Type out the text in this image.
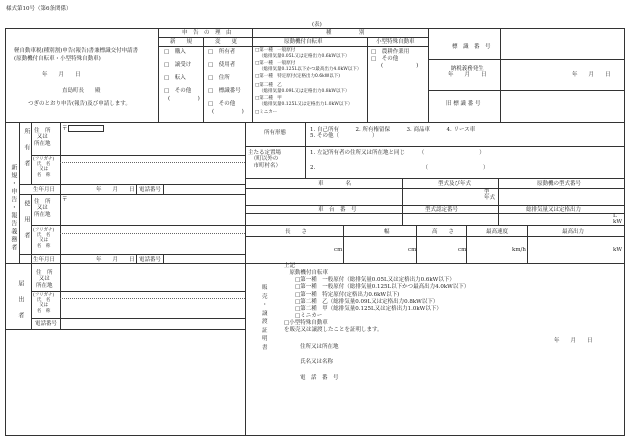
様式第10号（第6条関係）
(表)
軽自動車税(種別割)申告(報告)書兼標識交付申請書
(原動機付自転車・小型特殊自動車)
年　　月　　日
直島町長　　殿
つぎのとおり申告(報告)及び申請します。
申　告　の　理　由
新　　規	変　　更
□　購入
□　譲受け
□　転入
□　その他
(　　　　　)
□　所有者
□　使用者
□　住所
□　標識番号
□　その他
(　　　　　)
種　　　　　別
原動機付自転車	小型特殊自動車
□第一種　一般原付
（総排気量0.05L又は定格出力0.6kW以下）
□第一種　一般原付
（総排気量0.125L以下かつ最高出力4.0kW以下）
□第一種　特定原付(定格出力0.6kW以下)
□第二種　乙
（総排気量0.09L又は定格出力0.8kW以下）
□第二種　甲
（総排気量0.125L又は定格出力1.0kW以下）
□ミニカー
□　農耕作業用
□　その他
(　　　　　　)
標　識　番　号
納税義務発生
年　　月　　日	年　　月　　日
旧 標 識 番 号
新規・申告・報告義務者
所　有　者 住　所
又は
所在地
〒
(フリガナ)
氏　名
又は
名　称
生年月日	年　　月　　日 電話番号
使　用　者 住　所
又は
所在地
〒
(フリガナ)
氏　名
又は
名　称
生年月日	年　　月　　日 電話番号
所有形態	1. 自己所有　　　2. 所有権留保　　　3. 商品車　　　4. リース車
5. その他（　　　　　　）
主たる定置場
　（町以外の
　市町村名）
1. 左記所有者の住所又は所在地と同じ　　　（　　　　　　　　　　）
2.　　　　　　　　　　　　　　　　　　　　（　　　　　　　　　　）
車　　　　名	型式及び年式	原動機の型式番号
型
年式
車　台　番　号	型式認定番号	総排気量又は定格出力
L
kW
長　　さ	幅	高　　さ	最高速度	最高出力
cm	cm	cm	km/h	kW
届　出　者
住　所
又は
所在地
(フリガナ)
氏　名
又は
名　称
電話番号
販
売
・
譲
渡
証
明
書
上記
　原動機付自転車
　　□第一種　一般原付（総排気量0.05L又は定格出力0.6kW以下）
　　□第一種　一般原付（総排気量0.125L以下かつ最高出力4.0kW以下）
　　□第一種　特定原付(定格出力0.6kW以下)
　　□第二種　乙（総排気量0.09L又は定格出力0.8kW以下）
　　□第二種　甲（総排気量0.125L又は定格出力1.0kW以下）
　　□ミニカー
□小型特殊自動車
を販売又は譲渡したことを証明します。
年　　月　　日
住所又は所在地
氏名又は名称
電　話　番　号
